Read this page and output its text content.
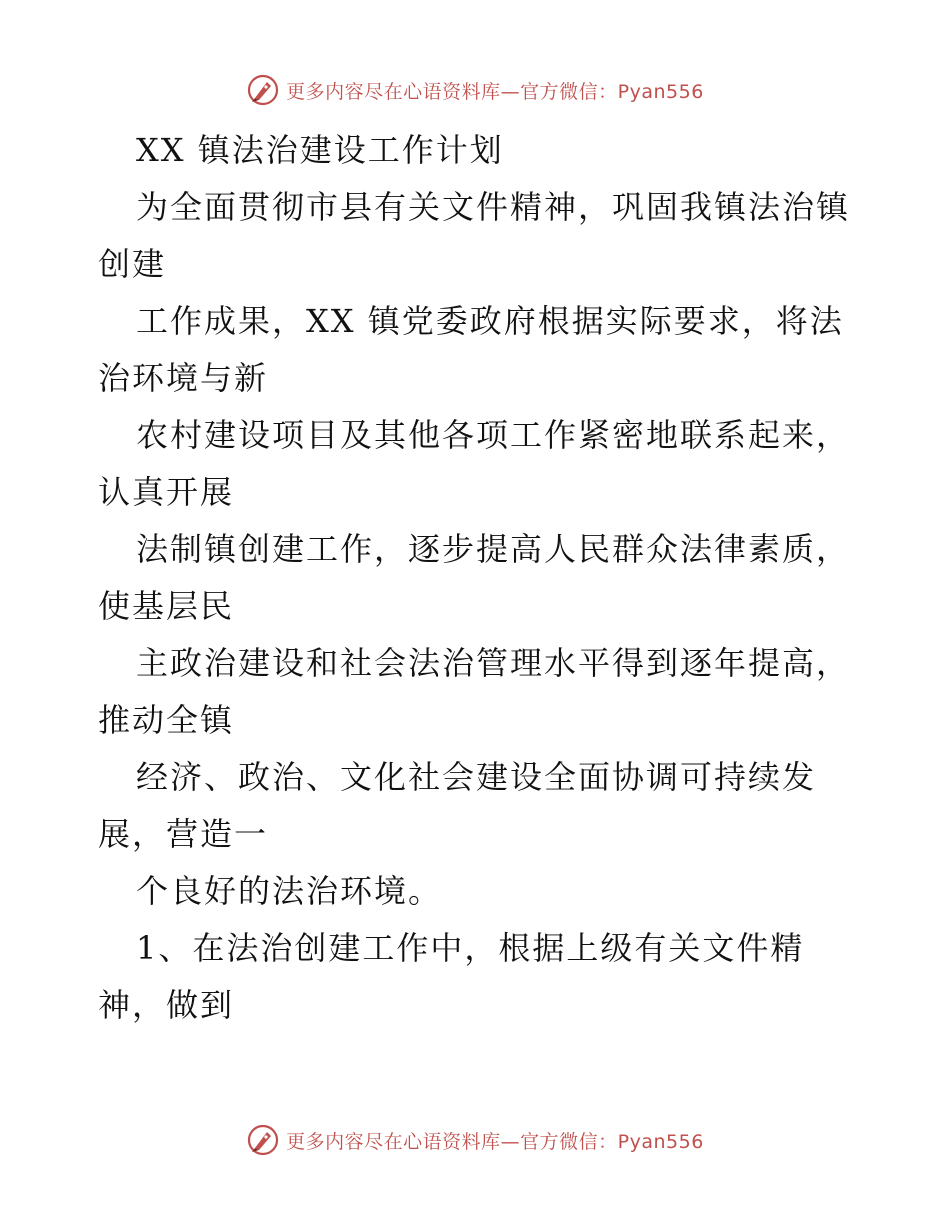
更多内容尽在心语资料库—官方微信：Pyan556
XX 镇法治建设工作计划
为全面贯彻市县有关文件精神，巩固我镇法治镇
创建
工作成果，XX 镇党委政府根据实际要求，将法
治环境与新
农村建设项目及其他各项工作紧密地联系起来，
认真开展
法制镇创建工作，逐步提高人民群众法律素质，
使基层民
主政治建设和社会法治管理水平得到逐年提高，
推动全镇
经济、政治、文化社会建设全面协调可持续发
展，营造一
个良好的法治环境。
1、在法治创建工作中，根据上级有关文件精
神，做到
更多内容尽在心语资料库—官方微信：Pyan556
